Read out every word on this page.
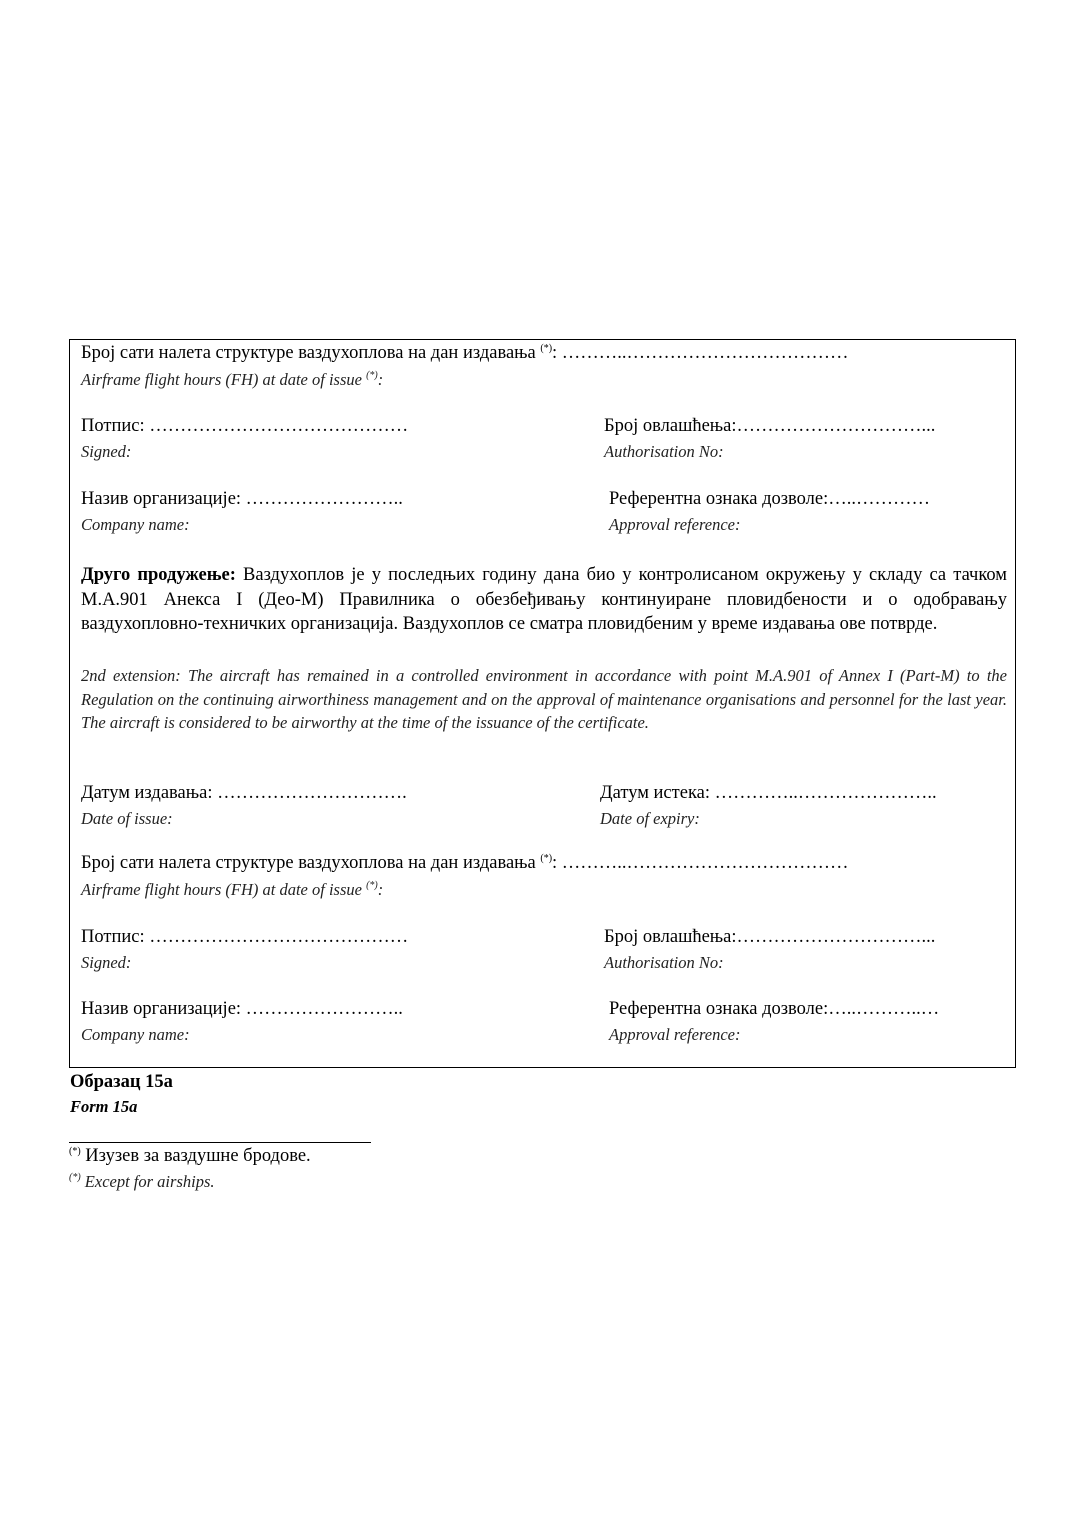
Број сати налета структуре ваздухоплова на дан издавања (*): ………..………………………………
Airframe flight hours (FH) at date of issue (*):
Потпис: ……………………………………
Signed:
Број овлашћења:…………………………...
Authorisation No:
Назив организације: ……………………..
Company name:
Референтна ознака дозволе:…..…………
Approval reference:
Друго продужење: Ваздухоплов је у последњих годину дана био у контролисаном окружењу у складу са тачком M.A.901 Анекса I (Део-M) Правилника о обезбеђивању континуиране пловидбености и о одобравању ваздухопловно-техничких организација. Ваздухоплов се сматра пловидбеним у време издавања ове потврде.
2nd extension: The aircraft has remained in a controlled environment in accordance with point M.A.901 of Annex I (Part-M) to the Regulation on the continuing airworthiness management and on the approval of maintenance organisations and personnel for the last year. The aircraft is considered to be airworthy at the time of the issuance of the certificate.
Датум издавања: ………………………….
Date of issue:
Датум истека: …………..…………………..
Date of expiry:
Број сати налета структуре ваздухоплова на дан издавања (*): ………..………………………………
Airframe flight hours (FH) at date of issue (*):
Потпис: ……………………………………
Signed:
Број овлашћења:…………………………...
Authorisation No:
Назив организације: ……………………..
Company name:
Референтна ознака дозволе:…..………..…
Approval reference:
Образац 15а
Form 15a
(*) Изузев за ваздушне бродове.
(*) Except for airships.
